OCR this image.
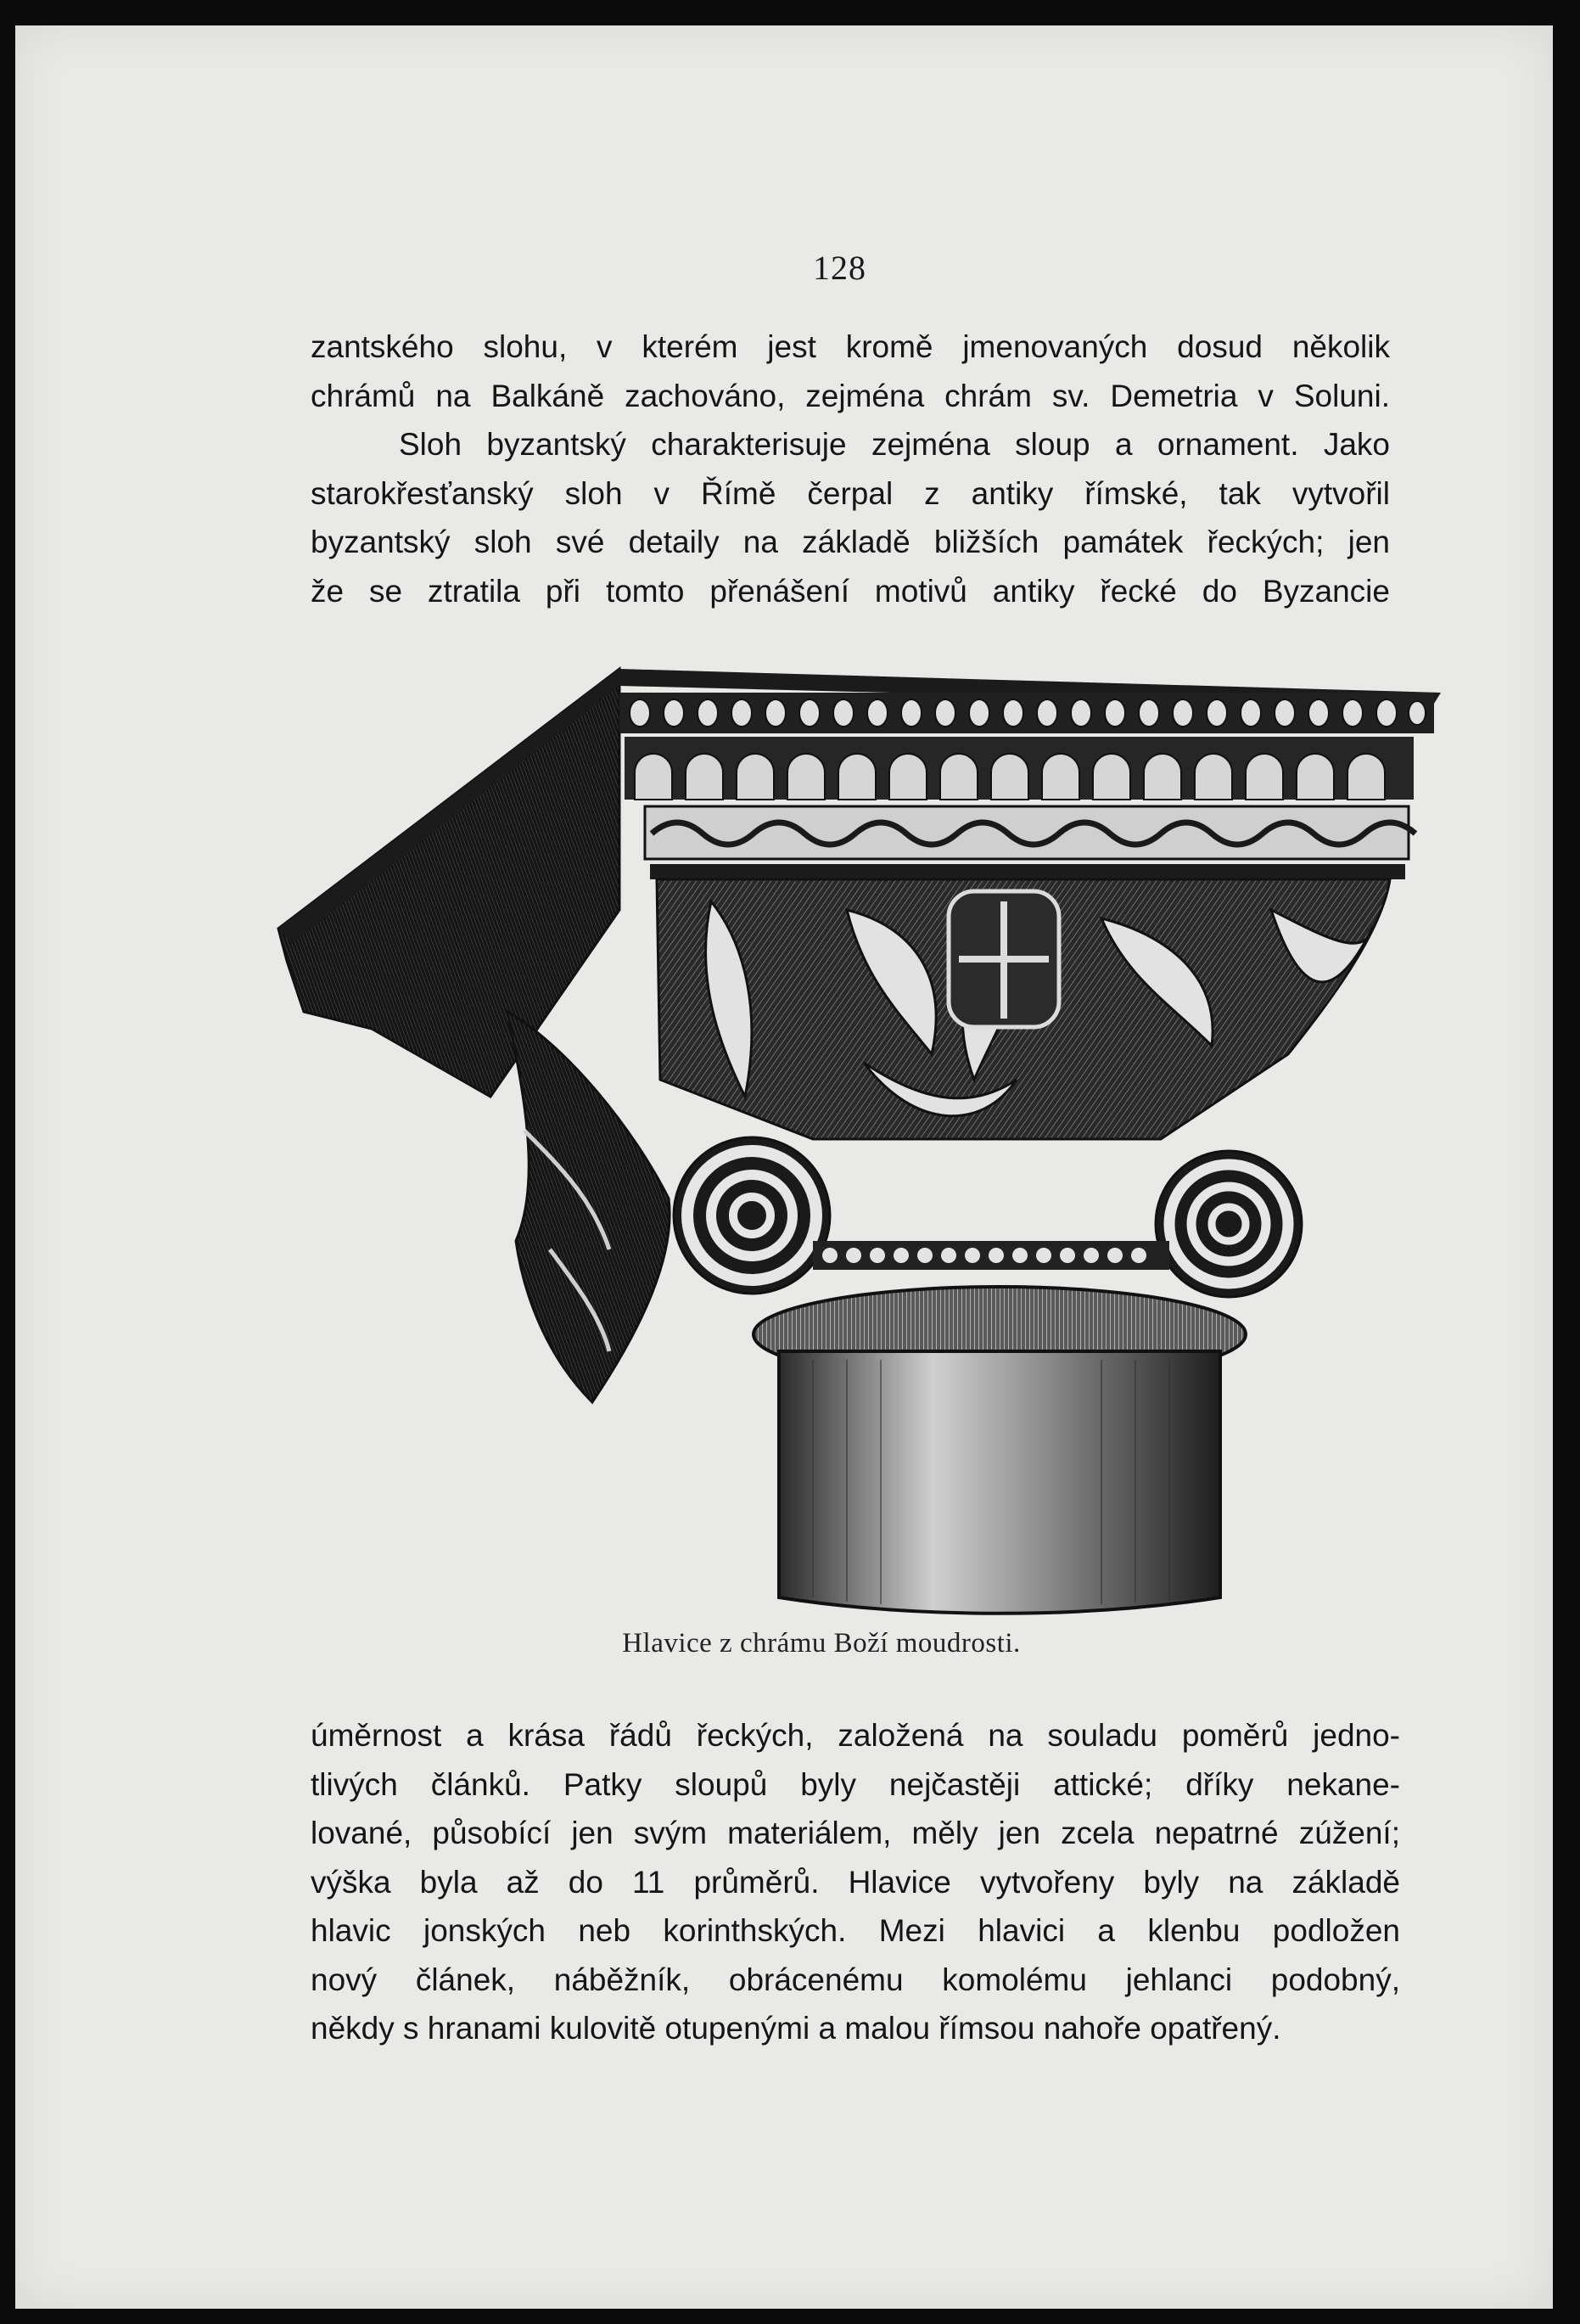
128
zantského slohu, v kterém jest kromě jmenovaných dosud několik
chrámů na Balkáně zachováno, zejména chrám sv. Demetria v Soluni.
Sloh byzantský charakterisuje zejména sloup a ornament. Jako
starokřesťanský sloh v Římě čerpal z antiky římské, tak vytvořil
byzantský sloh své detaily na základě bližších památek řeckých; jen
že se ztratila při tomto přenášení motivů antiky řecké do Byzancie
Hlavice z chrámu Boží moudrosti.
úměrnost a krása řádů řeckých, založená na souladu poměrů jedno-
tlivých článků. Patky sloupů byly nejčastěji attické; dříky nekane-
lované, působící jen svým materiálem, měly jen zcela nepatrné zúžení;
výška byla až do 11 průměrů. Hlavice vytvořeny byly na základě
hlavic jonských neb korinthských. Mezi hlavici a klenbu podložen
nový článek, náběžník, obrácenému komolému jehlanci podobný,
někdy s hranami kulovitě otupenými a malou římsou nahoře opatřený.
